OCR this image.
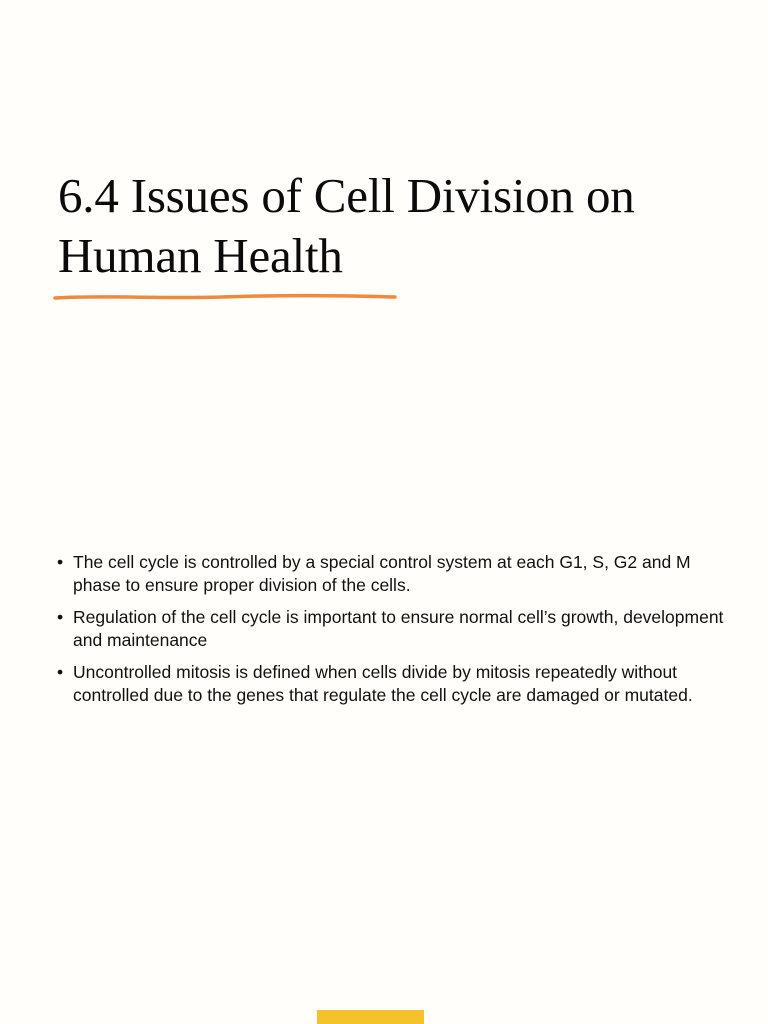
6.4 Issues of Cell Division on Human Health
• The cell cycle is controlled by a special control system at each G1, S, G2 and M phase to ensure proper division of the cells.
• Regulation of the cell cycle is important to ensure normal cell’s growth, development and maintenance
• Uncontrolled mitosis is defined when cells divide by mitosis repeatedly without controlled due to the genes that regulate the cell cycle are damaged or mutated.
